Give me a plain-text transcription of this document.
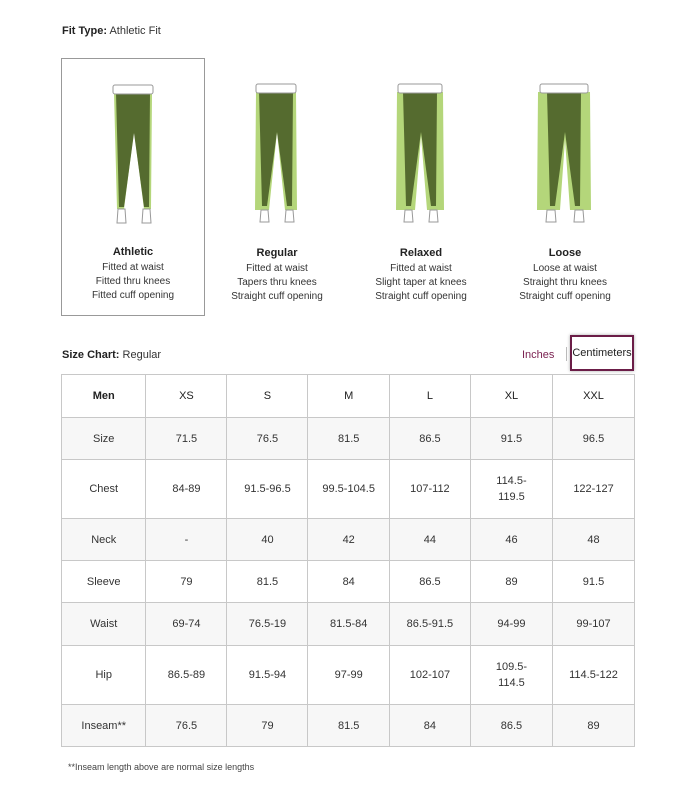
Fit Type: Athletic Fit
Athletic
Fitted at waist
Fitted thru knees
Fitted cuff opening
Regular
Fitted at waist
Tapers thru knees
Straight cuff opening
Relaxed
Fitted at waist
Slight taper at knees
Straight cuff opening
Loose
Loose at waist
Straight thru knees
Straight cuff opening
Size Chart: Regular	Inches Centimeters
Men	XS	S	M	L	XL	XXL
Size	71.5	76.5	81.5	86.5	91.5	96.5
Chest	84-89	91.5-96.5	99.5-104.5	107-112	114.5-
119.5	122-127
Neck	-	40	42	44	46	48
Sleeve	79	81.5	84	86.5	89	91.5
Waist	69-74	76.5-19	81.5-84	86.5-91.5	94-99	99-107
Hip	86.5-89	91.5-94	97-99	102-107	109.5-
114.5	114.5-122
Inseam**	76.5	79	81.5	84	86.5	89
**Inseam length above are normal size lengths
